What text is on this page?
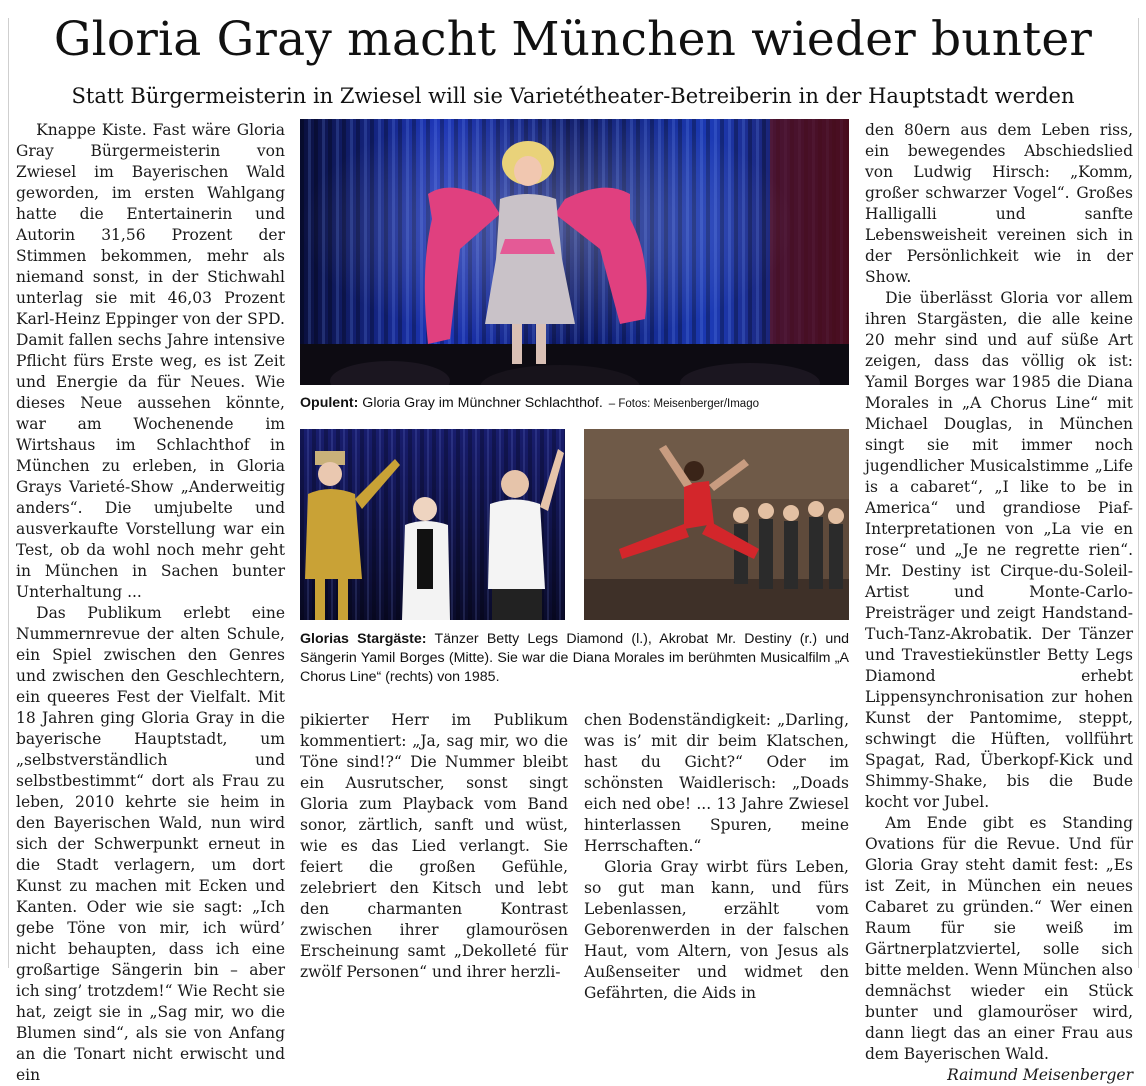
Gloria Gray macht München wieder bunter
Statt Bürgermeisterin in Zwiesel will sie Varietétheater-Betreiberin in der Hauptstadt werden

Knappe Kiste. Fast wäre Gloria Gray Bürgermeisterin von Zwiesel im Bayerischen Wald geworden, im ersten Wahlgang hatte die Entertainerin und Autorin 31,56 Prozent der Stimmen bekommen, mehr als niemand sonst, in der Stichwahl unterlag sie mit 46,03 Prozent Karl-Heinz Eppinger von der SPD. Damit fallen sechs Jahre intensive Pflicht fürs Erste weg, es ist Zeit und Energie da für Neues. Wie dieses Neue aussehen könnte, war am Wochenende im Wirtshaus im Schlachthof in München zu erleben, in Gloria Grays Varieté-Show „Anderweitig anders“. Die umjubelte und ausverkaufte Vorstellung war ein Test, ob da wohl noch mehr geht in München in Sachen bunter Unterhaltung ...

Das Publikum erlebt eine Nummernrevue der alten Schule, ein Spiel zwischen den Genres und zwischen den Geschlechtern, ein queeres Fest der Vielfalt. Mit 18 Jahren ging Gloria Gray in die bayerische Hauptstadt, um „selbstverständlich und selbstbestimmt“ dort als Frau zu leben, 2010 kehrte sie heim in den Bayerischen Wald, nun wird sich der Schwerpunkt erneut in die Stadt verlagern, um dort Kunst zu machen mit Ecken und Kanten. Oder wie sie sagt: „Ich gebe Töne von mir, ich würd’ nicht behaupten, dass ich eine großartige Sängerin bin – aber ich sing’ trotzdem!“ Wie Recht sie hat, zeigt sie in „Sag mir, wo die Blumen sind“, als sie von Anfang an die Tonart nicht erwischt und ein

Opulent: Gloria Gray im Münchner Schlachthof. – Fotos: Meisenberger/Imago
Glorias Stargäste: Tänzer Betty Legs Diamond (l.), Akrobat Mr. Destiny (r.) und Sängerin Yamil Borges (Mitte). Sie war die Diana Morales im berühmten Musicalfilm „A Chorus Line“ (rechts) von 1985.

pikierter Herr im Publikum kommentiert: „Ja, sag mir, wo die Töne sind!?“ Die Nummer bleibt ein Ausrutscher, sonst singt Gloria zum Playback vom Band sonor, zärtlich, sanft und wüst, wie es das Lied verlangt. Sie feiert die großen Gefühle, zelebriert den Kitsch und lebt den charmanten Kontrast zwischen ihrer glamourösen Erscheinung samt „Dekolleté für zwölf Personen“ und ihrer herzli-

chen Bodenständigkeit: „Darling, was is’ mit dir beim Klatschen, hast du Gicht?“ Oder im schönsten Waidlerisch: „Doads eich ned obe! ... 13 Jahre Zwiesel hinterlassen Spuren, meine Herrschaften.“

Gloria Gray wirbt fürs Leben, so gut man kann, und fürs Lebenlassen, erzählt vom Geborenwerden in der falschen Haut, vom Altern, von Jesus als Außenseiter und widmet den Gefährten, die Aids in

den 80ern aus dem Leben riss, ein bewegendes Abschiedslied von Ludwig Hirsch: „Komm, großer schwarzer Vogel“. Großes Halligalli und sanfte Lebensweisheit vereinen sich in der Persönlichkeit wie in der Show.

Die überlässt Gloria vor allem ihren Stargästen, die alle keine 20 mehr sind und auf süße Art zeigen, dass das völlig ok ist: Yamil Borges war 1985 die Diana Morales in „A Chorus Line“ mit Michael Douglas, in München singt sie mit immer noch jugendlicher Musicalstimme „Life is a cabaret“, „I like to be in America“ und grandiose Piaf-Interpretationen von „La vie en rose“ und „Je ne regrette rien“. Mr. Destiny ist Cirque-du-Soleil-Artist und Monte-Carlo-Preisträger und zeigt Handstand-Tuch-Tanz-Akrobatik. Der Tänzer und Travestiekünstler Betty Legs Diamond erhebt Lippensynchronisation zur hohen Kunst der Pantomime, steppt, schwingt die Hüften, vollführt Spagat, Rad, Überkopf-Kick und Shimmy-Shake, bis die Bude kocht vor Jubel.

Am Ende gibt es Standing Ovations für die Revue. Und für Gloria Gray steht damit fest: „Es ist Zeit, in München ein neues Cabaret zu gründen.“ Wer einen Raum für sie weiß im Gärtnerplatzviertel, solle sich bitte melden. Wenn München also demnächst wieder ein Stück bunter und glamouröser wird, dann liegt das an einer Frau aus dem Bayerischen Wald.

Raimund Meisenberger
